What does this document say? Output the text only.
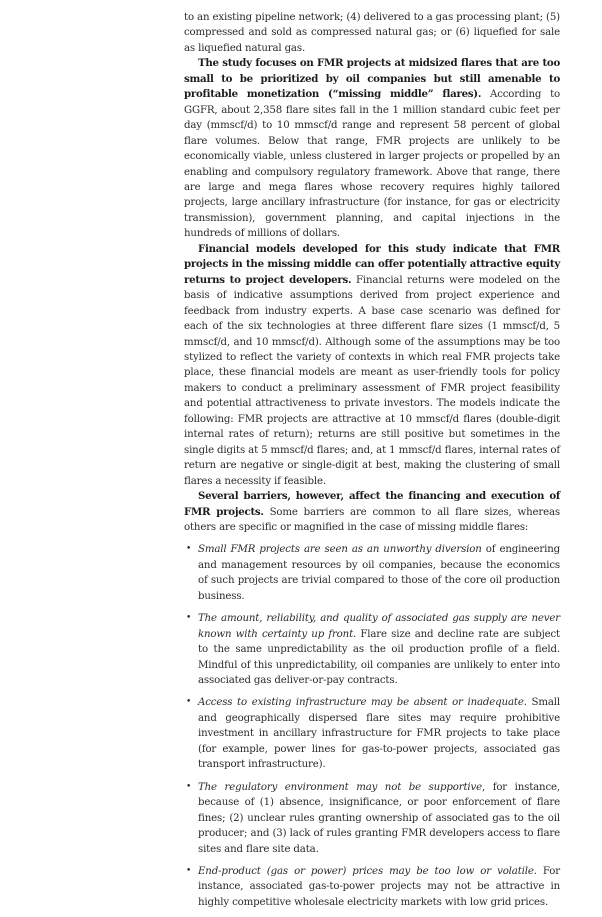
to an existing pipeline network; (4) delivered to a gas processing plant; (5) compressed and sold as compressed natural gas; or (6) liquefied for sale as liquefied natural gas.

The study focuses on FMR projects at midsized flares that are too small to be prioritized by oil companies but still amenable to profitable monetization (“missing middle” flares). According to GGFR, about 2,358 flare sites fall in the 1 million standard cubic feet per day (mmscf/d) to 10 mmscf/d range and represent 58 percent of global flare volumes. Below that range, FMR projects are unlikely to be economically viable, unless clustered in larger projects or propelled by an enabling and compulsory regulatory framework. Above that range, there are large and mega flares whose recovery requires highly tailored projects, large ancillary infrastructure (for instance, for gas or electricity transmission), government planning, and capital injections in the hundreds of millions of dollars.

Financial models developed for this study indicate that FMR projects in the missing middle can offer potentially attractive equity returns to project developers. Financial returns were modeled on the basis of indicative assumptions derived from project experience and feedback from industry experts. A base case scenario was defined for each of the six technologies at three different flare sizes (1 mmscf/d, 5 mmscf/d, and 10 mmscf/d). Although some of the assumptions may be too stylized to reflect the variety of contexts in which real FMR projects take place, these financial models are meant as user-friendly tools for policy makers to conduct a preliminary assessment of FMR project feasibility and potential attractiveness to private investors. The models indicate the following: FMR projects are attractive at 10 mmscf/d flares (double-digit internal rates of return); returns are still positive but sometimes in the single digits at 5 mmscf/d flares; and, at 1 mmscf/d flares, internal rates of return are negative or single-digit at best, making the clustering of small flares a necessity if feasible.

Several barriers, however, affect the financing and execution of FMR projects. Some barriers are common to all flare sizes, whereas others are specific or magnified in the case of missing middle flares:

• Small FMR projects are seen as an unworthy diversion of engineering and management resources by oil companies, because the economics of such projects are trivial compared to those of the core oil production business.
• The amount, reliability, and quality of associated gas supply are never known with certainty up front. Flare size and decline rate are subject to the same unpredictability as the oil production profile of a field. Mindful of this unpredictability, oil companies are unlikely to enter into associated gas deliver-or-pay contracts.
• Access to existing infrastructure may be absent or inadequate. Small and geographically dispersed flare sites may require prohibitive investment in ancillary infrastructure for FMR projects to take place (for example, power lines for gas-to-power projects, associated gas transport infrastructure).
• The regulatory environment may not be supportive, for instance, because of (1) absence, insignificance, or poor enforcement of flare fines; (2) unclear rules granting ownership of associated gas to the oil producer; and (3) lack of rules granting FMR developers access to flare sites and flare site data.
• End-product (gas or power) prices may be too low or volatile. For instance, associated gas-to-power projects may not be attractive in highly competitive wholesale electricity markets with low grid prices.
